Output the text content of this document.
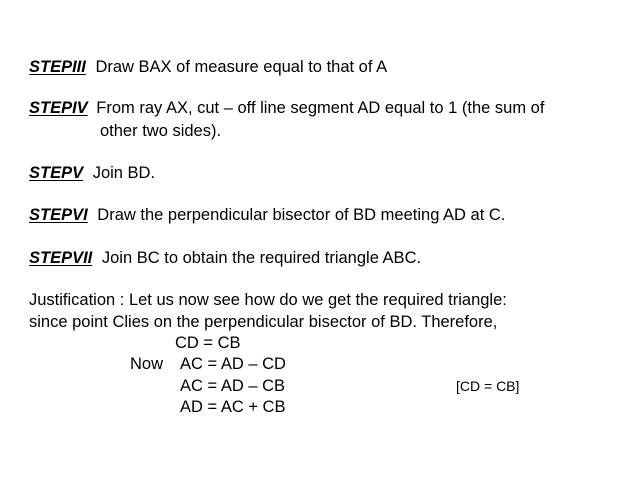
STEPIII Draw BAX of measure equal to that of A
STEPIV From ray AX, cut – off line segment AD equal to 1 (the sum of
other two sides).
STEPV Join BD.
STEPVI Draw the perpendicular bisector of BD meeting AD at C.
STEPVII Join BC to obtain the required triangle ABC.
Justification : Let us now see how do we get the required triangle:
since point Clies on the perpendicular bisector of BD. Therefore,
CD = CB
Now AC = AD – CD
AC = AD – CB	[CD = CB]
AD = AC + CB
